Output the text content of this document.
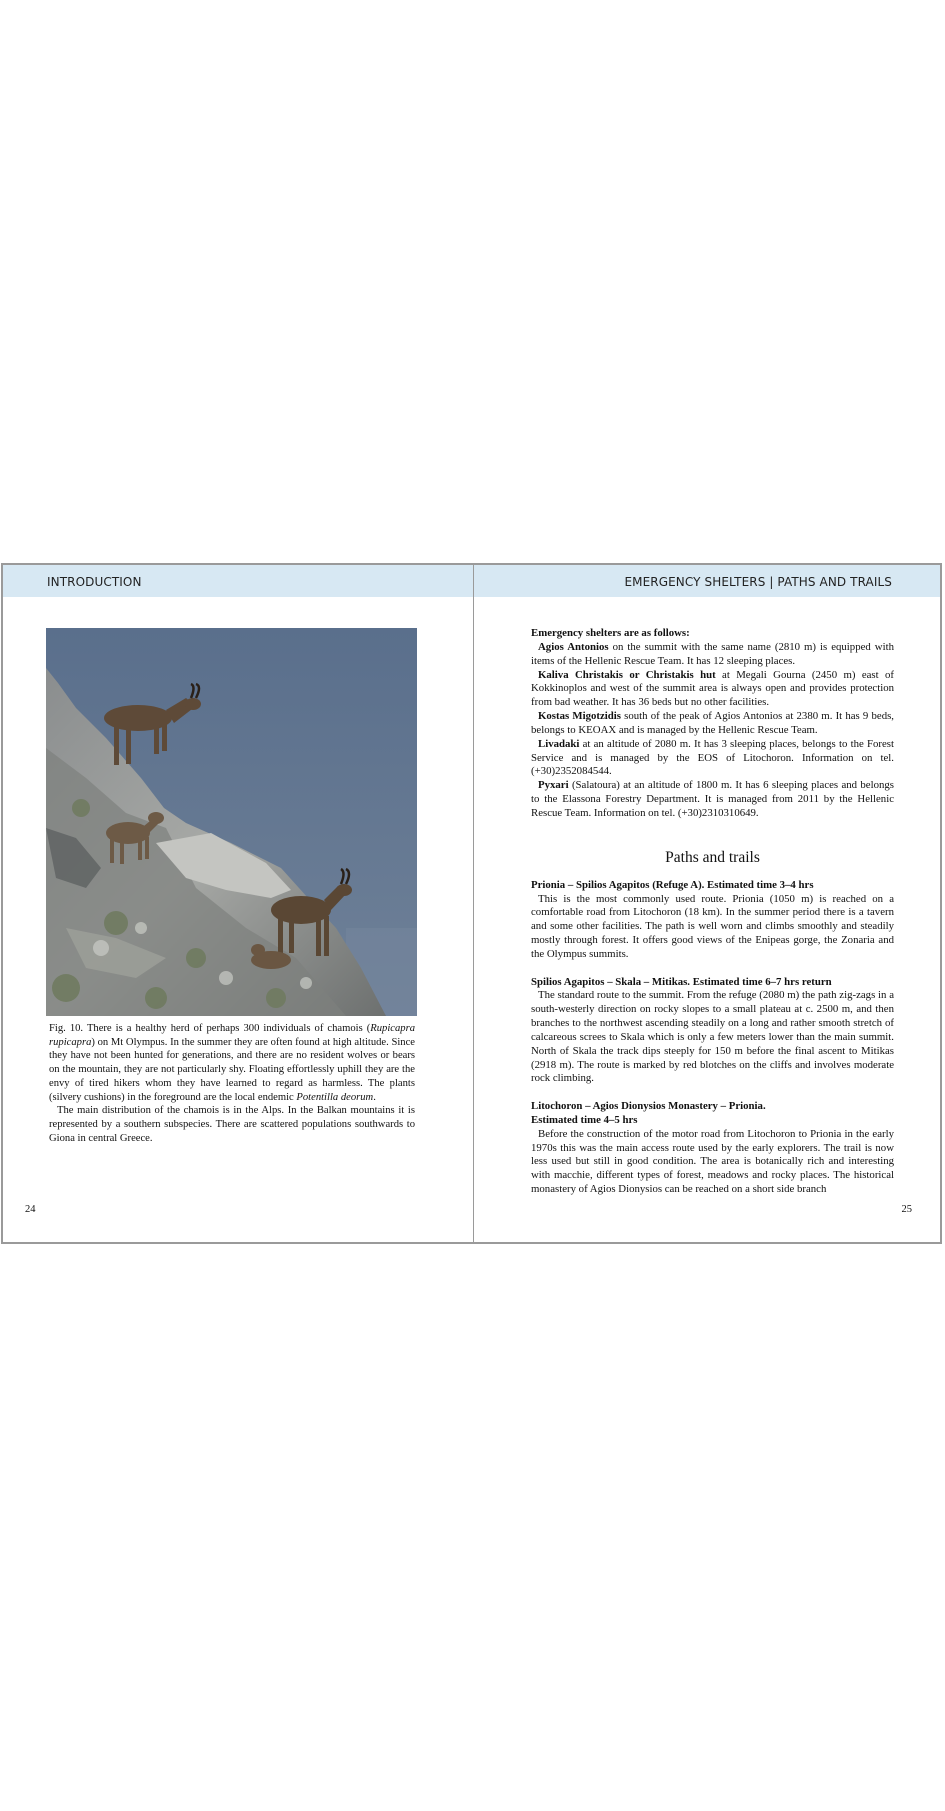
INTRODUCTION

Fig. 10. There is a healthy herd of perhaps 300 individuals of chamois (Rupicapra rupicapra) on Mt Olympus. In the summer they are often found at high altitude. Since they have not been hunted for generations, and there are no resident wolves or bears on the mountain, they are not particularly shy. Floating effortlessly uphill they are the envy of tired hikers whom they have learned to regard as harmless. The plants (silvery cushions) in the foreground are the local endemic Potentilla deorum.

The main distribution of the chamois is in the Alps. In the Balkan mountains it is represented by a southern subspecies. There are scattered populations southwards to Giona in central Greece.

24
EMERGENCY SHELTERS | PATHS AND TRAILS

Emergency shelters are as follows:

Agios Antonios on the summit with the same name (2810 m) is equipped with items of the Hellenic Rescue Team. It has 12 sleeping places.

Kaliva Christakis or Christakis hut at Megali Gourna (2450 m) east of Kokkinoplos and west of the summit area is always open and provides protection from bad weather. It has 36 beds but no other facilities.

Kostas Migotzidis south of the peak of Agios Antonios at 2380 m. It has 9 beds, belongs to KEOAX and is managed by the Hellenic Rescue Team.

Livadaki at an altitude of 2080 m. It has 3 sleeping places, belongs to the Forest Service and is managed by the EOS of Litochoron. Information on tel. (+30)2352084544.

Pyxari (Salatoura) at an altitude of 1800 m. It has 6 sleeping places and belongs to the Elassona Forestry Department. It is managed from 2011 by the Hellenic Rescue Team. Information on tel. (+30)2310310649.

Paths and trails

Prionia – Spilios Agapitos (Refuge A). Estimated time 3–4 hrs

This is the most commonly used route. Prionia (1050 m) is reached on a comfortable road from Litochoron (18 km). In the summer period there is a tavern and some other facilities. The path is well worn and climbs smoothly and steadily mostly through forest. It offers good views of the Enipeas gorge, the Zonaria and the Olympus summits.

Spilios Agapitos – Skala – Mitikas. Estimated time 6–7 hrs return

The standard route to the summit. From the refuge (2080 m) the path zig-zags in a south-westerly direction on rocky slopes to a small plateau at c. 2500 m, and then branches to the northwest ascending steadily on a long and rather smooth stretch of calcareous screes to Skala which is only a few meters lower than the main summit. North of Skala the track dips steeply for 150 m before the final ascent to Mitikas (2918 m). The route is marked by red blotches on the cliffs and involves moderate rock climbing.

Litochoron – Agios Dionysios Monastery – Prionia.

Estimated time 4–5 hrs

Before the construction of the motor road from Litochoron to Prionia in the early 1970s this was the main access route used by the early explorers. The trail is now less used but still in good condition. The area is botanically rich and interesting with macchie, different types of forest, meadows and rocky places. The historical monastery of Agios Dionysios can be reached on a short side branch

25
